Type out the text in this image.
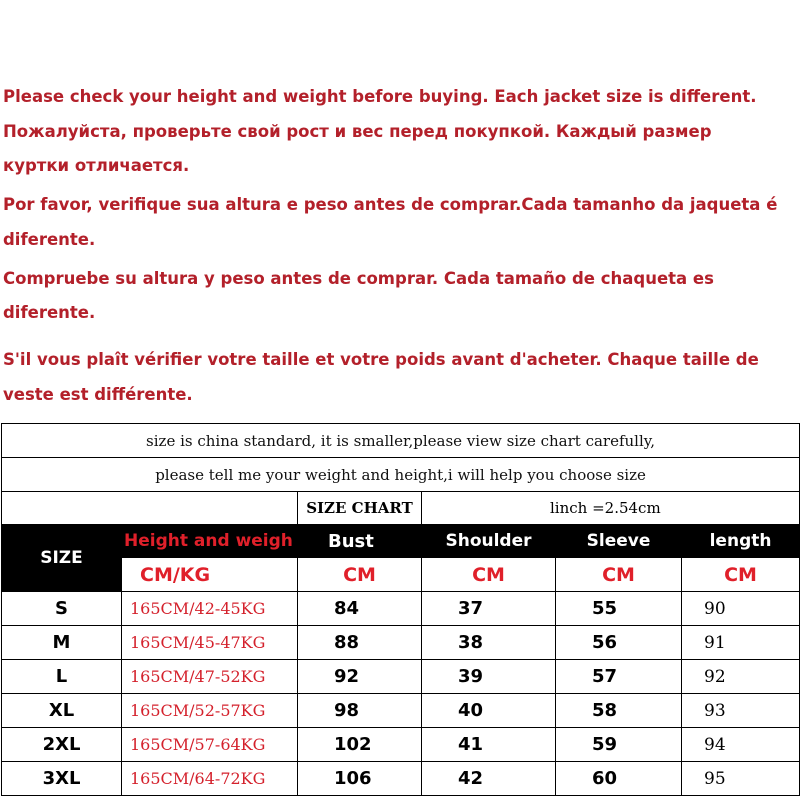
Please check your height and weight before buying. Each jacket size is different.

Пожалуйста, проверьте свой рост и вес перед покупкой. Каждый размер

куртки отличается.

Por favor, verifique sua altura e peso antes de comprar.Cada tamanho da jaqueta é

diferente.

Compruebe su altura y peso antes de comprar. Cada tamaño de chaqueta es

diferente.

S'il vous plaît vérifier votre taille et votre poids avant d'acheter. Chaque taille de

veste est différente.

size is china standard, it is smaller,please view size chart carefully,					
please tell me your weight and height,i will help you choose size					
		SIZE CHART	linch =2.54cm		
SIZE	Height and weigh	Bust	Shoulder	Sleeve	length
	CM/KG	CM	CM	CM	CM
S	165CM/42-45KG	84	37	55	90
M	165CM/45-47KG	88	38	56	91
L	165CM/47-52KG	92	39	57	92
XL	165CM/52-57KG	98	40	58	93
2XL	165CM/57-64KG	102	41	59	94
3XL	165CM/64-72KG	106	42	60	95
